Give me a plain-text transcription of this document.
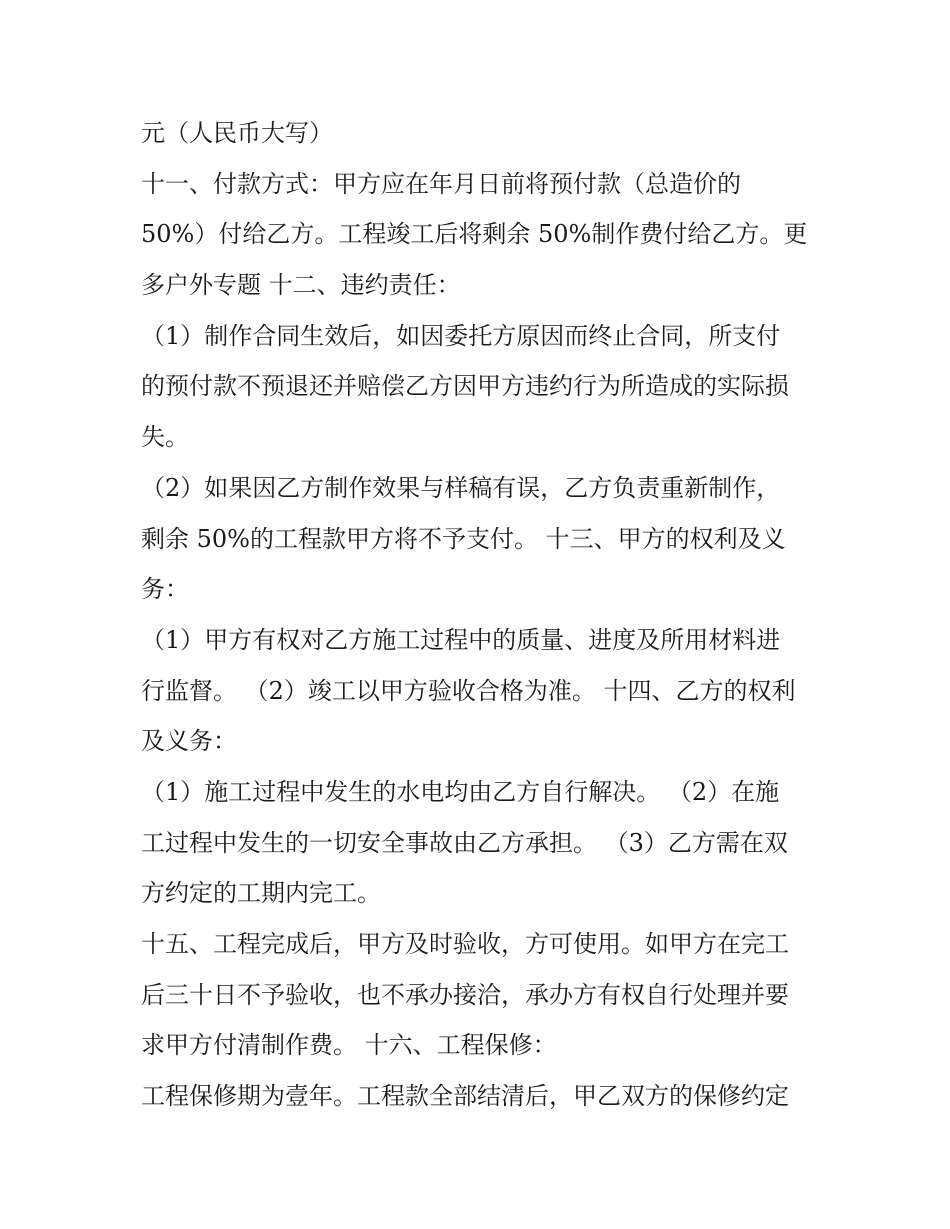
元（人民币大写）
十一、付款方式：甲方应在年月日前将预付款（总造价的
50%）付给乙方。工程竣工后将剩余 50%制作费付给乙方。更
多户外专题 十二、违约责任：
（1）制作合同生效后，如因委托方原因而终止合同，所支付
的预付款不预退还并赔偿乙方因甲方违约行为所造成的实际损
失。
（2）如果因乙方制作效果与样稿有误，乙方负责重新制作，
剩余 50%的工程款甲方将不予支付。 十三、甲方的权利及义
务：
（1）甲方有权对乙方施工过程中的质量、进度及所用材料进
行监督。 （2）竣工以甲方验收合格为准。 十四、乙方的权利
及义务：
（1）施工过程中发生的水电均由乙方自行解决。 （2）在施
工过程中发生的一切安全事故由乙方承担。 （3）乙方需在双
方约定的工期内完工。
十五、工程完成后，甲方及时验收，方可使用。如甲方在完工
后三十日不予验收，也不承办接洽，承办方有权自行处理并要
求甲方付清制作费。 十六、工程保修：
工程保修期为壹年。工程款全部结清后，甲乙双方的保修约定
